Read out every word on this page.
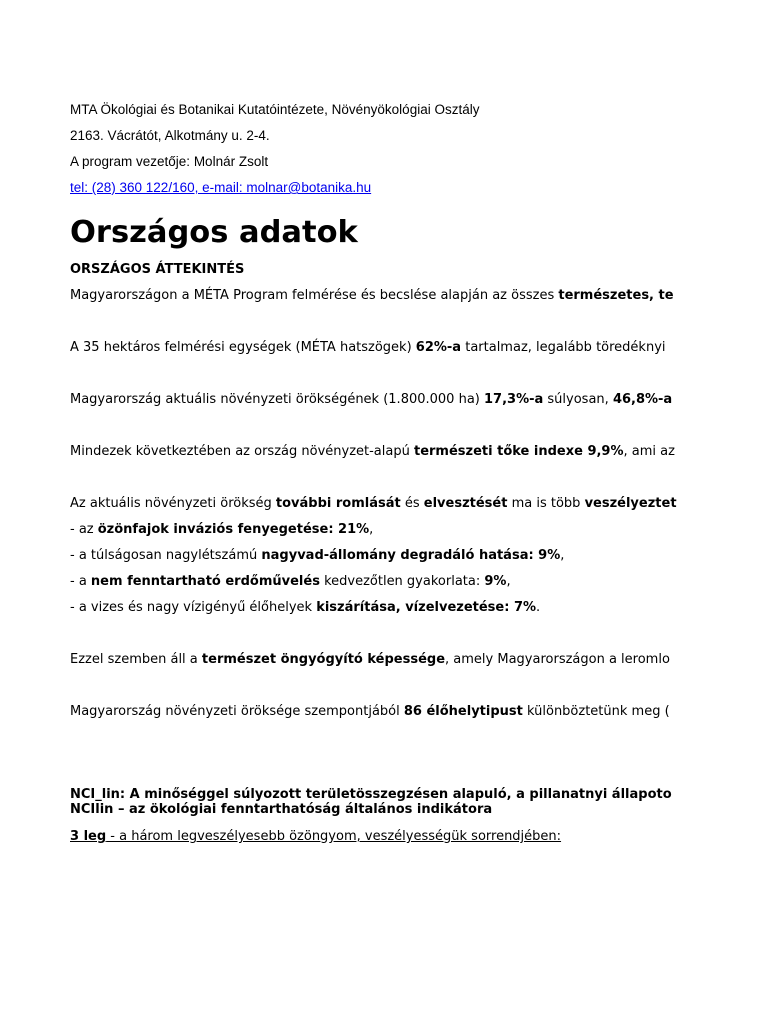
MTA Ökológiai és Botanikai Kutatóintézete, Növényökológiai Osztály
2163. Vácrátót, Alkotmány u. 2-4.
A program vezetője: Molnár Zsolt
tel: (28) 360 122/160, e-mail: molnar@botanika.hu
Országos adatok
ORSZÁGOS ÁTTEKINTÉS
Magyarországon a MÉTA Program felmérése és becslése alapján az összes természetes, te
A 35 hektáros felmérési egységek (MÉTA hatszögek) 62%-a tartalmaz, legalább töredéknyi
Magyarország aktuális növényzeti örökségének (1.800.000 ha) 17,3%-a súlyosan, 46,8%-a
Mindezek következtében az ország növényzet-alapú természeti tőke indexe 9,9%, ami az
Az aktuális növényzeti örökség további romlását és elvesztését ma is több veszélyeztet
- az özönfajok inváziós fenyegetése: 21%,
- a túlságosan nagylétszámú nagyvad-állomány degradáló hatása: 9%,
- a nem fenntartható erdőművelés kedvezőtlen gyakorlata: 9%,
- a vizes és nagy vízigényű élőhelyek kiszárítása, vízelvezetése: 7%.
Ezzel szemben áll a természet öngyógyító képessége, amely Magyarországon a leromlo
Magyarország növényzeti öröksége szempontjából 86 élőhelytipust különböztetünk meg (
NCI_lin: A minőséggel súlyozott területösszegzésen alapuló, a pillanatnyi állapoto
NCIlin – az ökológiai fenntarthatóság általános indikátora
3 leg - a három legveszélyesebb özöngyom, veszélyességük sorrendjében:
